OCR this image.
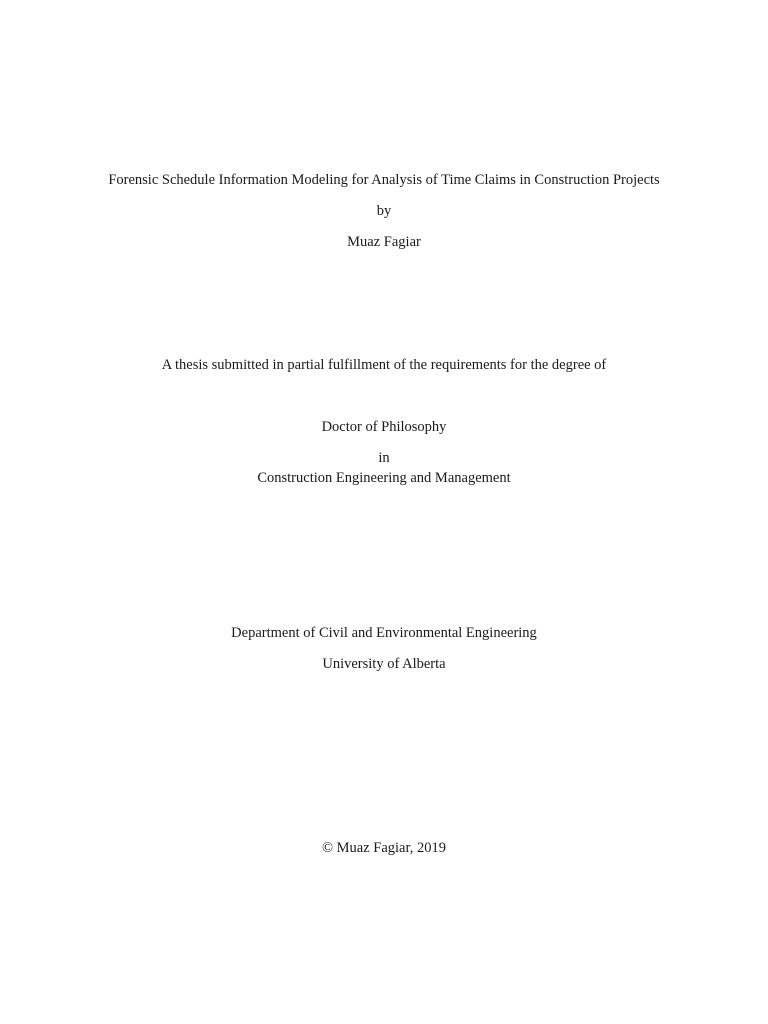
Forensic Schedule Information Modeling for Analysis of Time Claims in Construction Projects
by
Muaz Fagiar
A thesis submitted in partial fulfillment of the requirements for the degree of
Doctor of Philosophy
in
Construction Engineering and Management
Department of Civil and Environmental Engineering
University of Alberta
© Muaz Fagiar, 2019
